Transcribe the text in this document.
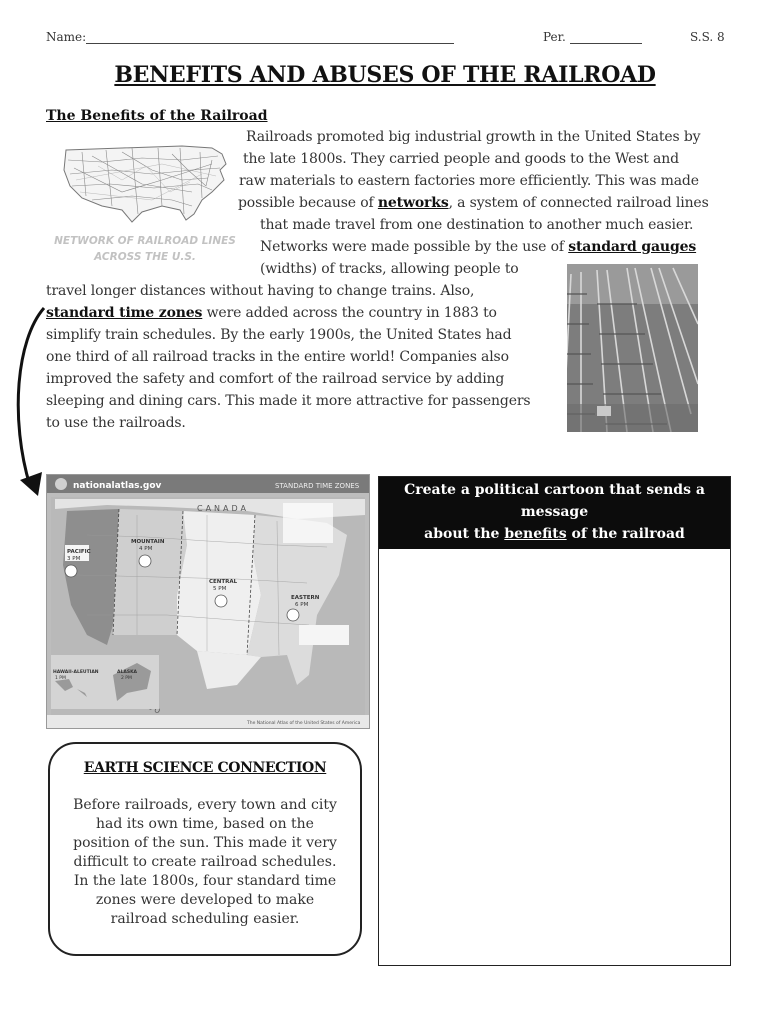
Name:	Per.	S.S. 8
BENEFITS AND ABUSES OF THE RAILROAD
The Benefits of the Railroad
NETWORK OF RAILROAD LINES
ACROSS THE U.S.
Railroads promoted big industrial growth in the United States by
the late 1800s. They carried people and goods to the West and
raw materials to eastern factories more efficiently. This was made
possible because of networks, a system of connected railroad lines
that made travel from one destination to another much easier.
Networks were made possible by the use of standard gauges
(widths) of tracks, allowing people to
travel longer distances without having to change trains. Also,
standard time zones were added across the country in 1883 to
simplify train schedules. By the early 1900s, the United States had
one third of all railroad tracks in the entire world! Companies also
improved the safety and comfort of the railroad service by adding
sleeping and dining cars. This made it more attractive for passengers
to use the railroads.
nationalatlas.gov	STANDARD TIME ZONES
CANADA
PACIFIC
3 PM
MOUNTAIN
4 PM
CENTRAL
5 PM
EASTERN
6 PM
HAWAII-ALEUTIAN
1 PM
ALASKA
2 PM
The National Atlas of the United States of America
Create a political cartoon that sends a message
about the benefits of the railroad
EARTH SCIENCE CONNECTION
Before railroads, every town and city
had its own time, based on the
position of the sun. This made it very
difficult to create railroad schedules.
In the late 1800s, four standard time
zones were developed to make
railroad scheduling easier.
